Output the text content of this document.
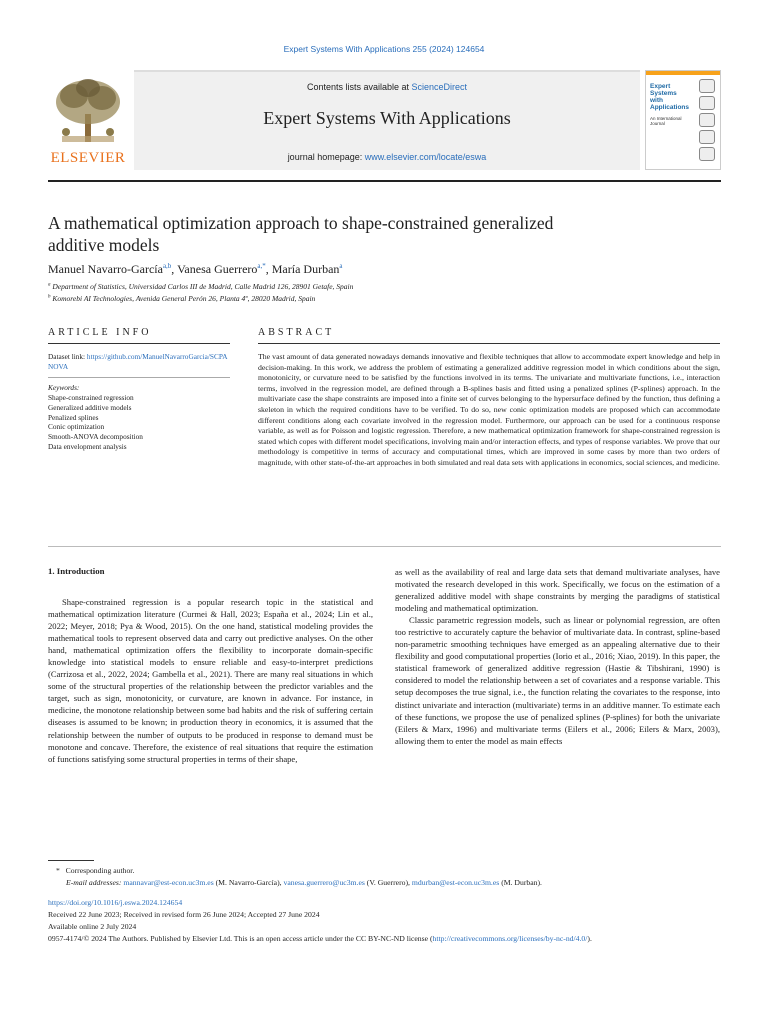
Expert Systems With Applications 255 (2024) 124654
ELSEVIER
Contents lists available at ScienceDirect
Expert Systems With Applications
journal homepage: www.elsevier.com/locate/eswa
Expert Systems with Applications
An International Journal
A mathematical optimization approach to shape-constrained generalized
additive models
Manuel Navarro-García$^{a,b}$, Vanesa Guerrero$^{a,*}$, María Durban$^a$
$^a$ Department of Statistics, Universidad Carlos III de Madrid, Calle Madrid 126, 28901 Getafe, Spain
$^b$ Komorebi AI Technologies, Avenida General Perón 26, Planta 4º, 28020 Madrid, Spain
ARTICLE INFO	ABSTRACT
Dataset link: https://github.com/ManuelNavarroGarcia/SCPANOVA
Keywords:
Shape-constrained regression
Generalized additive models
Penalized splines
Conic optimization
Smooth-ANOVA decomposition
Data envelopment analysis
The vast amount of data generated nowadays demands innovative and flexible techniques that allow to accommodate expert knowledge and help in decision-making. In this work, we address the problem of estimating a generalized additive regression model in which conditions about the sign, monotonicity, or curvature need to be satisfied by the functions involved in its terms. The univariate and multivariate functions, i.e., interaction terms, involved in the regression model, are defined through a B-splines basis and fitted using a penalized splines (P-splines) approach. In the multivariate case the shape constraints are imposed into a finite set of curves belonging to the hypersurface defined by the function, thus defining a skeleton in which the required conditions have to be verified. To do so, new conic optimization models are proposed which can accommodate different conditions along each covariate involved in the regression model. Furthermore, our approach can be used for a continuous response variable, as well as for Poisson and logistic regression. Therefore, a new mathematical optimization framework for shape-constrained regression is stated which copes with different model specifications, involving main and/or interaction effects, and types of response variables. We prove that our methodology is competitive in terms of accuracy and computational times, which are improved in some cases by more than two orders of magnitude, with other state-of-the-art approaches in both simulated and real data sets with applications in economics, social sciences, and medicine.
1. Introduction

Shape-constrained regression is a popular research topic in the statistical and mathematical optimization literature (Curmei & Hall, 2023; España et al., 2024; Lin et al., 2022; Meyer, 2018; Pya & Wood, 2015). On the one hand, statistical modeling provides the mathematical tools to represent observed data and carry out predictive analyses. On the other hand, mathematical optimization offers the flexibility to incorporate domain-specific knowledge into statistical models to ensure reliable and easy-to-interpret predictions (Carrizosa et al., 2022, 2024; Gambella et al., 2021). There are many real situations in which some of the structural properties of the relationship between the predictor variables and the target, such as sign, monotonicity, or curvature, are known in advance. For instance, in medicine, the monotone relationship between some bad habits and the risk of suffering certain diseases is assumed to be known; in production theory in economics, it is assumed that the relationship between the number of outputs to be produced in response to demand must be monotone and concave. Therefore, the existence of real situations that require the estimation of functions satisfying some structural properties in terms of their shape,

as well as the availability of real and large data sets that demand multivariate analyses, have motivated the research developed in this work. Specifically, we focus on the estimation of a generalized additive model with shape constraints by merging the paradigms of statistical modeling and mathematical optimization.

Classic parametric regression models, such as linear or polynomial regression, are often too restrictive to accurately capture the behavior of multivariate data. In contrast, spline-based non-parametric smoothing techniques have emerged as an appealing alternative due to their flexibility and good computational properties (Iorio et al., 2016; Xiao, 2019). In this paper, the statistical framework of generalized additive regression (Hastie & Tibshirani, 1990) is considered to model the relationship between a set of covariates and a response variable. This setup decomposes the true signal, i.e., the function relating the covariates to the response, into distinct univariate and interaction (multivariate) terms in an additive manner. To estimate each of these functions, we propose the use of penalized splines (P-splines) for both the univariate (Eilers & Marx, 1996) and multivariate terms (Eilers et al., 2006; Eilers & Marx, 2003), allowing them to enter the model as main effects

* Corresponding author.
E-mail addresses: mannavar@est-econ.uc3m.es (M. Navarro-García), vanesa.guerrero@uc3m.es (V. Guerrero), mdurban@est-econ.uc3m.es (M. Durban).
https://doi.org/10.1016/j.eswa.2024.124654
Received 22 June 2023; Received in revised form 26 June 2024; Accepted 27 June 2024
Available online 2 July 2024
0957-4174/© 2024 The Authors. Published by Elsevier Ltd. This is an open access article under the CC BY-NC-ND license (http://creativecommons.org/licenses/by-nc-nd/4.0/).
